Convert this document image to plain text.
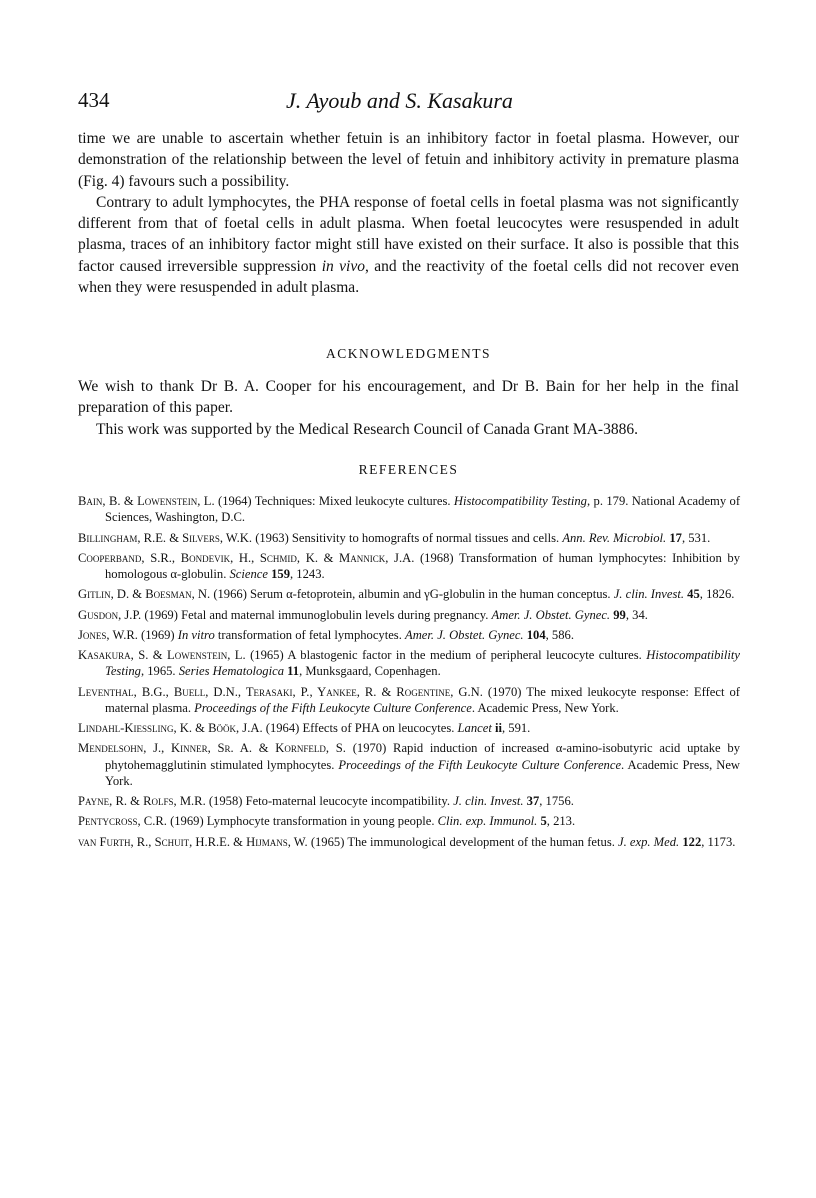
434	J. Ayoub and S. Kasakura

time we are unable to ascertain whether fetuin is an inhibitory factor in foetal plasma. However, our demonstration of the relationship between the level of fetuin and inhibitory activity in premature plasma (Fig. 4) favours such a possibility.

Contrary to adult lymphocytes, the PHA response of foetal cells in foetal plasma was not significantly different from that of foetal cells in adult plasma. When foetal leucocytes were resuspended in adult plasma, traces of an inhibitory factor might still have existed on their surface. It also is possible that this factor caused irreversible suppression in vivo, and the reactivity of the foetal cells did not recover even when they were resuspended in adult plasma.

ACKNOWLEDGMENTS

We wish to thank Dr B. A. Cooper for his encouragement, and Dr B. Bain for her help in the final preparation of this paper.

This work was supported by the Medical Research Council of Canada Grant MA-3886.

REFERENCES

Bain, B. & Lowenstein, L. (1964) Techniques: Mixed leukocyte cultures. Histocompatibility Testing, p. 179. National Academy of Sciences, Washington, D.C.

Billingham, R.E. & Silvers, W.K. (1963) Sensitivity to homografts of normal tissues and cells. Ann. Rev. Microbiol. 17, 531.

Cooperband, S.R., Bondevik, H., Schmid, K. & Mannick, J.A. (1968) Transformation of human lymphocytes: Inhibition by homologous α-globulin. Science 159, 1243.

Gitlin, D. & Boesman, N. (1966) Serum α-fetoprotein, albumin and γG-globulin in the human conceptus. J. clin. Invest. 45, 1826.

Gusdon, J.P. (1969) Fetal and maternal immunoglobulin levels during pregnancy. Amer. J. Obstet. Gynec. 99, 34.

Jones, W.R. (1969) In vitro transformation of fetal lymphocytes. Amer. J. Obstet. Gynec. 104, 586.

Kasakura, S. & Lowenstein, L. (1965) A blastogenic factor in the medium of peripheral leucocyte cultures. Histocompatibility Testing, 1965. Series Hematologica 11, Munksgaard, Copenhagen.

Leventhal, B.G., Buell, D.N., Terasaki, P., Yankee, R. & Rogentine, G.N. (1970) The mixed leukocyte response: Effect of maternal plasma. Proceedings of the Fifth Leukocyte Culture Conference. Academic Press, New York.

Lindahl-Kiessling, K. & Böök, J.A. (1964) Effects of PHA on leucocytes. Lancet ii, 591.

Mendelsohn, J., Kinner, Sr. A. & Kornfeld, S. (1970) Rapid induction of increased α-amino-isobutyric acid uptake by phytohemagglutinin stimulated lymphocytes. Proceedings of the Fifth Leukocyte Culture Conference. Academic Press, New York.

Payne, R. & Rolfs, M.R. (1958) Feto-maternal leucocyte incompatibility. J. clin. Invest. 37, 1756.

Pentycross, C.R. (1969) Lymphocyte transformation in young people. Clin. exp. Immunol. 5, 213.

van Furth, R., Schuit, H.R.E. & Hijmans, W. (1965) The immunological development of the human fetus. J. exp. Med. 122, 1173.
